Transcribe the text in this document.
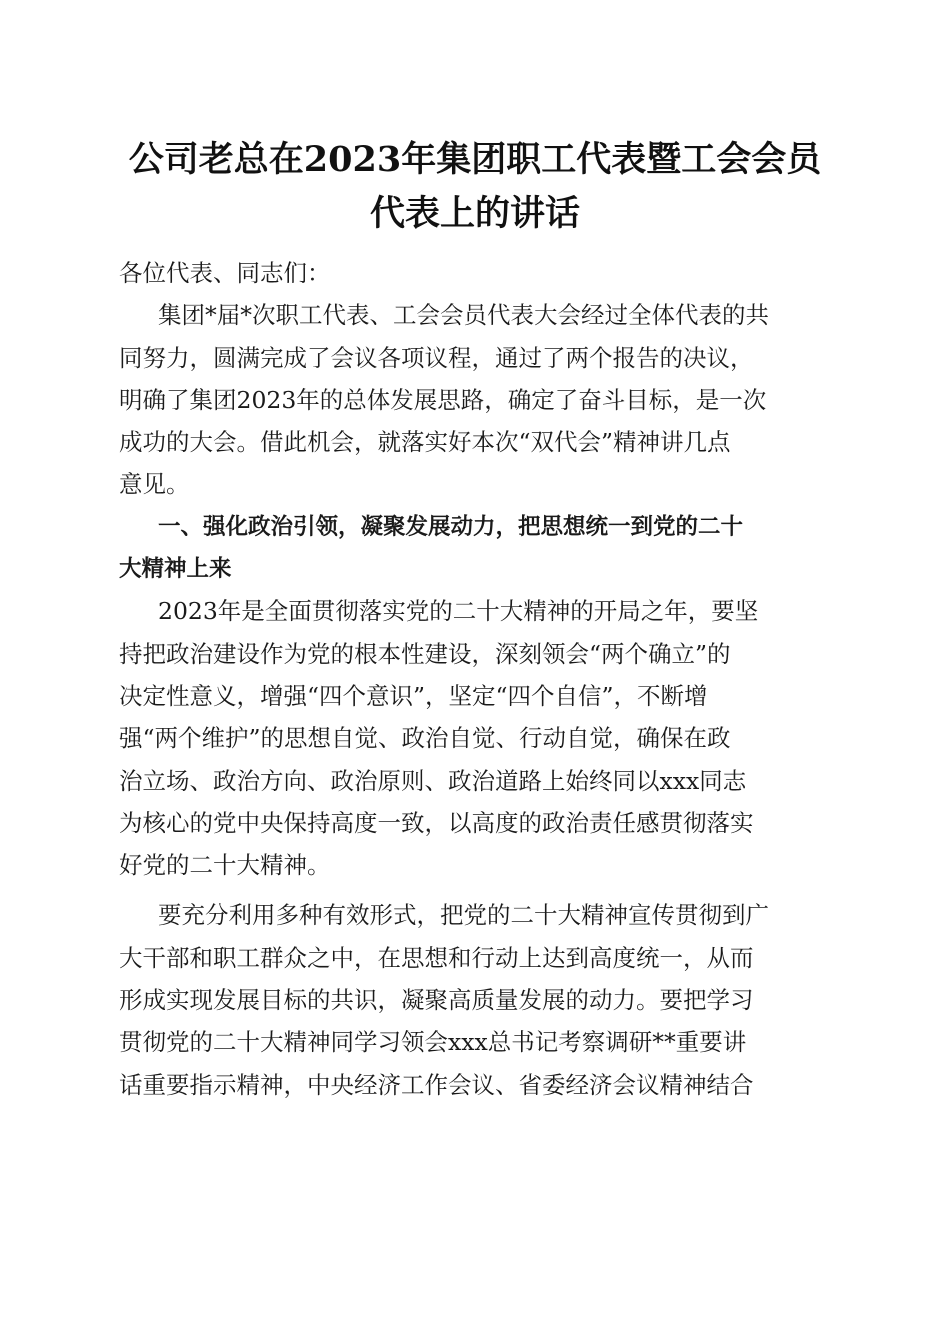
公司老总在2023年集团职工代表暨工会会员
代表上的讲话
各位代表、同志们：
集团*届*次职工代表、工会会员代表大会经过全体代表的共
同努力，圆满完成了会议各项议程，通过了两个报告的决议，
明确了集团2023年的总体发展思路，确定了奋斗目标，是一次
成功的大会。借此机会，就落实好本次“双代会”精神讲几点
意见。
一、强化政治引领，凝聚发展动力，把思想统一到党的二十
大精神上来
2023年是全面贯彻落实党的二十大精神的开局之年，要坚
持把政治建设作为党的根本性建设，深刻领会“两个确立”的
决定性意义，增强“四个意识”，坚定“四个自信”，不断增
强“两个维护”的思想自觉、政治自觉、行动自觉，确保在政
治立场、政治方向、政治原则、政治道路上始终同以xxx同志
为核心的党中央保持高度一致，以高度的政治责任感贯彻落实
好党的二十大精神。
要充分利用多种有效形式，把党的二十大精神宣传贯彻到广
大干部和职工群众之中，在思想和行动上达到高度统一，从而
形成实现发展目标的共识，凝聚高质量发展的动力。要把学习
贯彻党的二十大精神同学习领会xxx总书记考察调研**重要讲
话重要指示精神，中央经济工作会议、省委经济会议精神结合
